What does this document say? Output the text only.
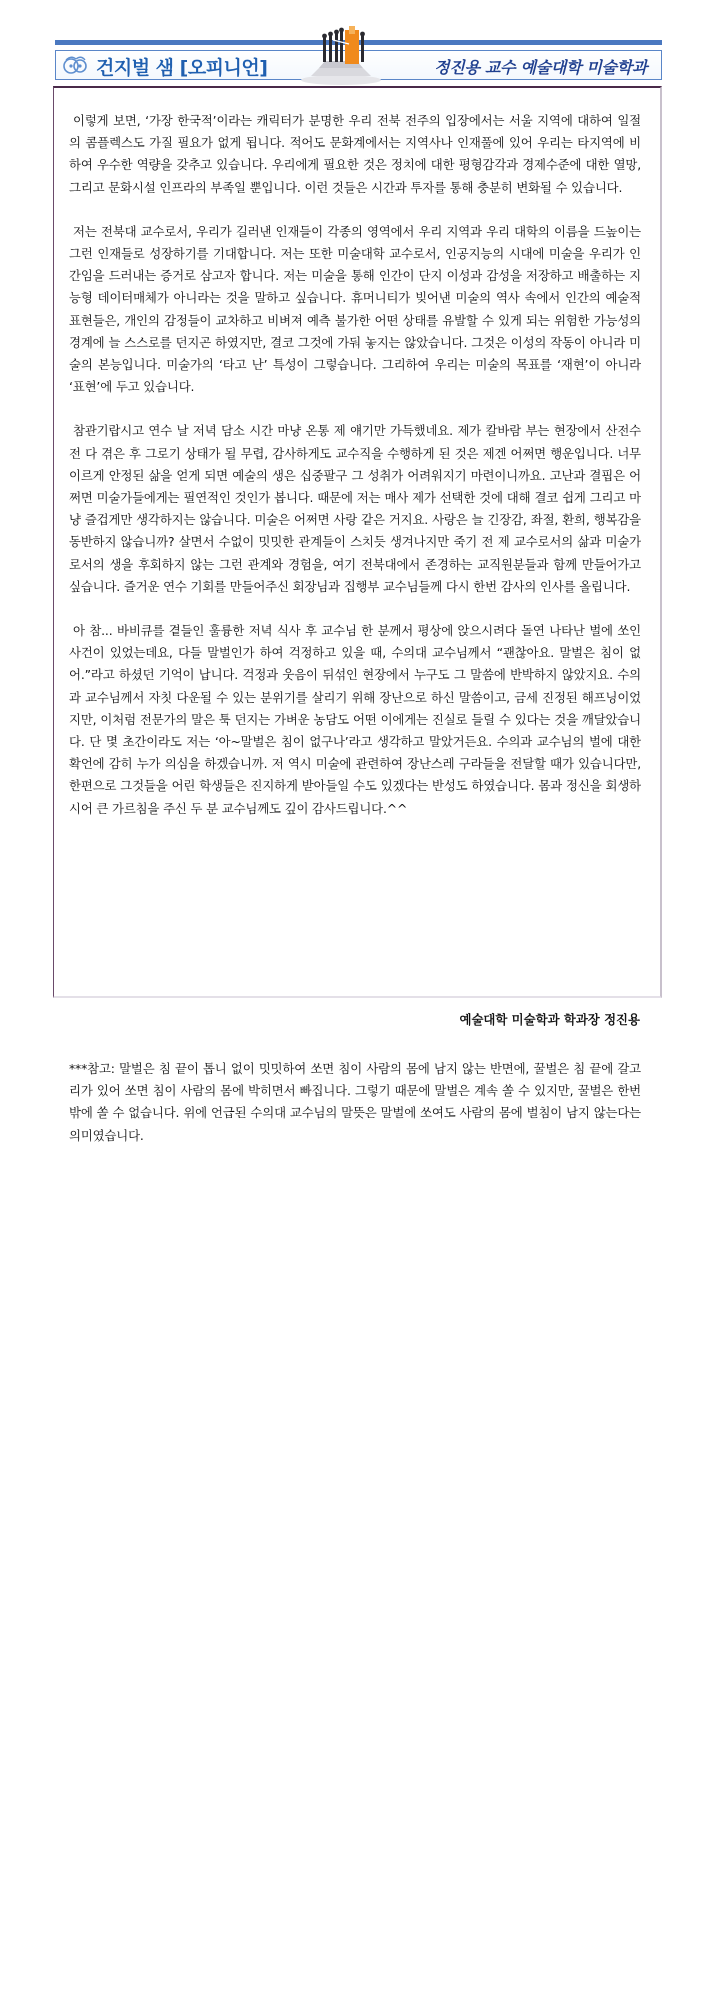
건지벌 샘 [오피니언]	정진용 교수 예술대학 미술학과

이렇게 보면, ‘가장 한국적’이라는 캐릭터가 분명한 우리 전북 전주의 입장에서는 서울 지역에 대하여 일절의 콤플렉스도 가질 필요가 없게 됩니다. 적어도 문화계에서는 지역사나 인재풀에 있어 우리는 타지역에 비하여 우수한 역량을 갖추고 있습니다. 우리에게 필요한 것은 정치에 대한 평형감각과 경제수준에 대한 열망, 그리고 문화시설 인프라의 부족일 뿐입니다. 이런 것들은 시간과 투자를 통해 충분히 변화될 수 있습니다.

저는 전북대 교수로서, 우리가 길러낸 인재들이 각종의 영역에서 우리 지역과 우리 대학의 이름을 드높이는 그런 인재들로 성장하기를 기대합니다. 저는 또한 미술대학 교수로서, 인공지능의 시대에 미술을 우리가 인간임을 드러내는 증거로 삼고자 합니다. 저는 미술을 통해 인간이 단지 이성과 감성을 저장하고 배출하는 지능형 데이터매체가 아니라는 것을 말하고 싶습니다. 휴머니티가 빚어낸 미술의 역사 속에서 인간의 예술적 표현들은, 개인의 감정들이 교차하고 비벼져 예측 불가한 어떤 상태를 유발할 수 있게 되는 위험한 가능성의 경계에 늘 스스로를 던지곤 하였지만, 결코 그것에 가둬 놓지는 않았습니다. 그것은 이성의 작동이 아니라 미술의 본능입니다. 미술가의 ‘타고 난’ 특성이 그렇습니다. 그리하여 우리는 미술의 목표를 ‘재현’이 아니라 ‘표현’에 두고 있습니다.

참관기랍시고 연수 날 저녁 담소 시간 마냥 온통 제 얘기만 가득했네요. 제가 칼바람 부는 현장에서 산전수전 다 겪은 후 그로기 상태가 될 무렵, 감사하게도 교수직을 수행하게 된 것은 제겐 어쩌면 행운입니다. 너무 이르게 안정된 삶을 얻게 되면 예술의 생은 십중팔구 그 성취가 어려워지기 마련이니까요. 고난과 결핍은 어쩌면 미술가들에게는 필연적인 것인가 봅니다. 때문에 저는 매사 제가 선택한 것에 대해 결코 쉽게 그리고 마냥 즐겁게만 생각하지는 않습니다. 미술은 어쩌면 사랑 같은 거지요. 사랑은 늘 긴장감, 좌절, 환희, 행복감을 동반하지 않습니까? 살면서 수없이 밋밋한 관계들이 스치듯 생겨나지만 죽기 전 제 교수로서의 삶과 미술가로서의 생을 후회하지 않는 그런 관계와 경험을, 여기 전북대에서 존경하는 교직원분들과 함께 만들어가고 싶습니다. 즐거운 연수 기회를 만들어주신 회장님과 집행부 교수님들께 다시 한번 감사의 인사를 올립니다.

아 참... 바비큐를 곁들인 훌륭한 저녁 식사 후 교수님 한 분께서 평상에 앉으시려다 돌연 나타난 벌에 쏘인 사건이 있었는데요, 다들 말벌인가 하여 걱정하고 있을 때, 수의대 교수님께서 “괜찮아요. 말벌은 침이 없어.”라고 하셨던 기억이 납니다. 걱정과 웃음이 뒤섞인 현장에서 누구도 그 말씀에 반박하지 않았지요. 수의과 교수님께서 자칫 다운될 수 있는 분위기를 살리기 위해 장난으로 하신 말씀이고, 금세 진정된 해프닝이었지만, 이처럼 전문가의 말은 툭 던지는 가벼운 농담도 어떤 이에게는 진실로 들릴 수 있다는 것을 깨달았습니다. 단 몇 초간이라도 저는 ‘아~말벌은 침이 없구나’라고 생각하고 말았거든요. 수의과 교수님의 벌에 대한 확언에 감히 누가 의심을 하겠습니까. 저 역시 미술에 관련하여 장난스레 구라들을 전달할 때가 있습니다만, 한편으로 그것들을 어린 학생들은 진지하게 받아들일 수도 있겠다는 반성도 하였습니다. 몸과 정신을 회생하시어 큰 가르침을 주신 두 분 교수님께도 깊이 감사드립니다.^^

예술대학 미술학과 학과장 정진용
***참고: 말벌은 침 끝이 톱니 없이 밋밋하여 쏘면 침이 사람의 몸에 남지 않는 반면에, 꿀벌은 침 끝에 갈고리가 있어 쏘면 침이 사람의 몸에 박히면서 빠집니다. 그렇기 때문에 말벌은 계속 쏠 수 있지만, 꿀벌은 한번 밖에 쏠 수 없습니다. 위에 언급된 수의대 교수님의 말뜻은 말벌에 쏘여도 사람의 몸에 벌침이 남지 않는다는 의미였습니다.
